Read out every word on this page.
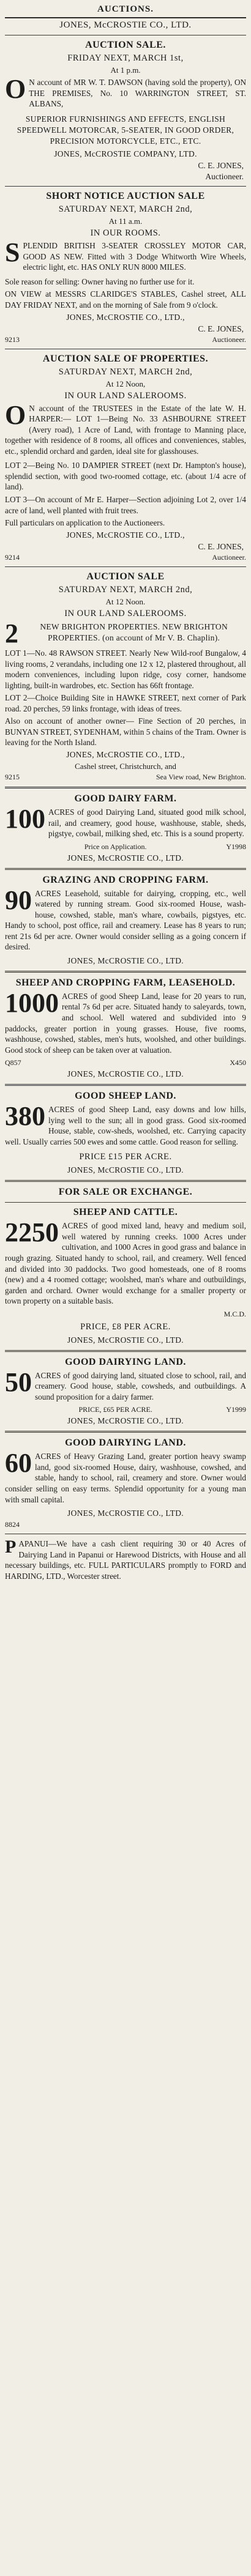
AUCTIONS.
JONES, McCROSTIE CO., LTD.
AUCTION SALE.
FRIDAY NEXT, MARCH 1st,
At 1 p.m.
O N account of MR W. T. DAWSON (having sold the property), ON THE PREMISES, No. 10 WARRINGTON STREET, ST. ALBANS,
SUPERIOR FURNISHINGS AND EFFECTS, ENGLISH SPEEDWELL MOTORCAR, 5-SEATER, IN GOOD ORDER, PRECISION MOTORCYCLE, ETC., ETC.
JONES, McCROSTIE COMPANY, LTD.
C. E. JONES,
Auctioneer.
SHORT NOTICE AUCTION SALE
SATURDAY NEXT, MARCH 2nd,
At 11 a.m.
IN OUR ROOMS.
SPLENDID BRITISH 3-SEATER CROSSLEY MOTOR CAR, GOOD AS NEW. Fitted with 3 Dodge Whitworth Wire Wheels, electric light, etc. HAS ONLY RUN 8000 MILES.
Sole reason for selling: Owner having no further use for it.
ON VIEW at MESSRS CLARIDGE'S STABLES, Cashel street, ALL DAY FRIDAY NEXT, and on the morning of Sale from 9 o'clock.
JONES, McCROSTIE CO., LTD.,
C. E. JONES,
9213	Auctioneer.
AUCTION SALE OF PROPERTIES.
SATURDAY NEXT, MARCH 2nd,
At 12 Noon,
IN OUR LAND SALEROOMS.
O N account of the TRUSTEES in the Estate of the late W. H. HARPER:— LOT 1—Being No. 33 ASHBOURNE STREET (Avery road), 1 Acre of Land, with frontage to Manning place, together with residence of 8 rooms, all offices and conveniences, stables, etc., splendid orchard and garden, ideal site for glasshouses.
LOT 2—Being No. 10 DAMPIER STREET (next Dr. Hampton's house), splendid section, with good two-roomed cottage, etc. (about 1/4 acre of land).
LOT 3—On account of Mr E. Harper—Section adjoining Lot 2, over 1/4 acre of land, well planted with fruit trees.
Full particulars on application to the Auctioneers.
JONES, McCROSTIE CO., LTD.,
C. E. JONES,
9214	Auctioneer.
AUCTION SALE
SATURDAY NEXT, MARCH 2nd,
At 12 Noon.
IN OUR LAND SALEROOMS.
2	NEW BRIGHTON PROPERTIES. NEW BRIGHTON PROPERTIES. (on account of Mr V. B. Chaplin).
LOT 1—No. 48 RAWSON STREET. Nearly New Wild-roof Bungalow, 4 living rooms, 2 verandahs, including one 12 x 12, plastered throughout, all modern conveniences, including lupon ridge, cosy corner, handsome lighting, built-in wardrobes, etc. Section has 66ft frontage.
LOT 2—Choice Building Site in HAWKE STREET, next corner of Park road. 20 perches, 59 links frontage, with ideas of trees.
Also on account of another owner— Fine Section of 20 perches, in BUNYAN STREET, SYDENHAM, within 5 chains of the Tram. Owner is leaving for the North Island.
JONES, McCROSTIE CO., LTD.,
Cashel street, Christchurch, and
9215	Sea View road, New Brighton.
GOOD DAIRY FARM.
100 ACRES of good Dairying Land, situated good milk school, rail, and creamery, good house, washhouse, stable, sheds, pigstye, cowbail, milking shed, etc. This is a sound property.
Price on Application.	Y1998
JONES, McCROSTIE CO., LTD.
GRAZING AND CROPPING FARM.
90 ACRES Leasehold, suitable for dairying, cropping, etc., well watered by running stream. Good six-roomed House, wash-house, cowshed, stable, man's whare, cowbails, pigstyes, etc. Handy to school, post office, rail and creamery. Lease has 8 years to run; rent 21s 6d per acre. Owner would consider selling as a going concern if desired.
JONES, McCROSTIE CO., LTD.
SHEEP AND CROPPING FARM, LEASEHOLD.
1000 ACRES of good Sheep Land, lease for 20 years to run, rental 7s 6d per acre. Situated handy to saleyards, town, and school. Well watered and subdivided into 9 paddocks, greater portion in young grasses. House, five rooms, washhouse, cowshed, stables, men's huts, woolshed, and other buildings. Good stock of sheep can be taken over at valuation.
Q857	X450
JONES, McCROSTIE CO., LTD.
GOOD SHEEP LAND.
380 ACRES of good Sheep Land, easy downs and low hills, lying well to the sun; all in good grass. Good six-roomed House, stable, cow-sheds, woolshed, etc. Carrying capacity well. Usually carries 500 ewes and some cattle. Good reason for selling.
PRICE £15 PER ACRE.
JONES, McCROSTIE CO., LTD.
FOR SALE OR EXCHANGE.
SHEEP AND CATTLE.
2250 ACRES of good mixed land, heavy and medium soil, well watered by running creeks. 1000 Acres under cultivation, and 1000 Acres in good grass and balance in rough grazing. Situated handy to school, rail, and creamery. Well fenced and divided into 30 paddocks. Two good homesteads, one of 8 rooms (new) and a 4 roomed cottage; woolshed, man's whare and outbuildings, garden and orchard. Owner would exchange for a smaller property or town property on a suitable basis.
M.C.D.
PRICE, £8 PER ACRE.
JONES, McCROSTIE CO., LTD.
GOOD DAIRYING LAND.
50 ACRES of good dairying land, situated close to school, rail, and creamery. Good house, stable, cowsheds, and outbuildings. A sound proposition for a dairy farmer.
PRICE, £65 PER ACRE.	Y1999
JONES, McCROSTIE CO., LTD.
GOOD DAIRYING LAND.
60 ACRES of Heavy Grazing Land, greater portion heavy swamp land, good six-roomed House, dairy, washhouse, cowshed, and stable, handy to school, rail, creamery and store. Owner would consider selling on easy terms. Splendid opportunity for a young man with small capital.
JONES, McCROSTIE CO., LTD.
8824
PAPANUI—We have a cash client requiring 30 or 40 Acres of Dairying Land in Papanui or Harewood Districts, with House and all necessary buildings, etc. FULL PARTICULARS promptly to FORD and HARDING, LTD., Worcester street.
